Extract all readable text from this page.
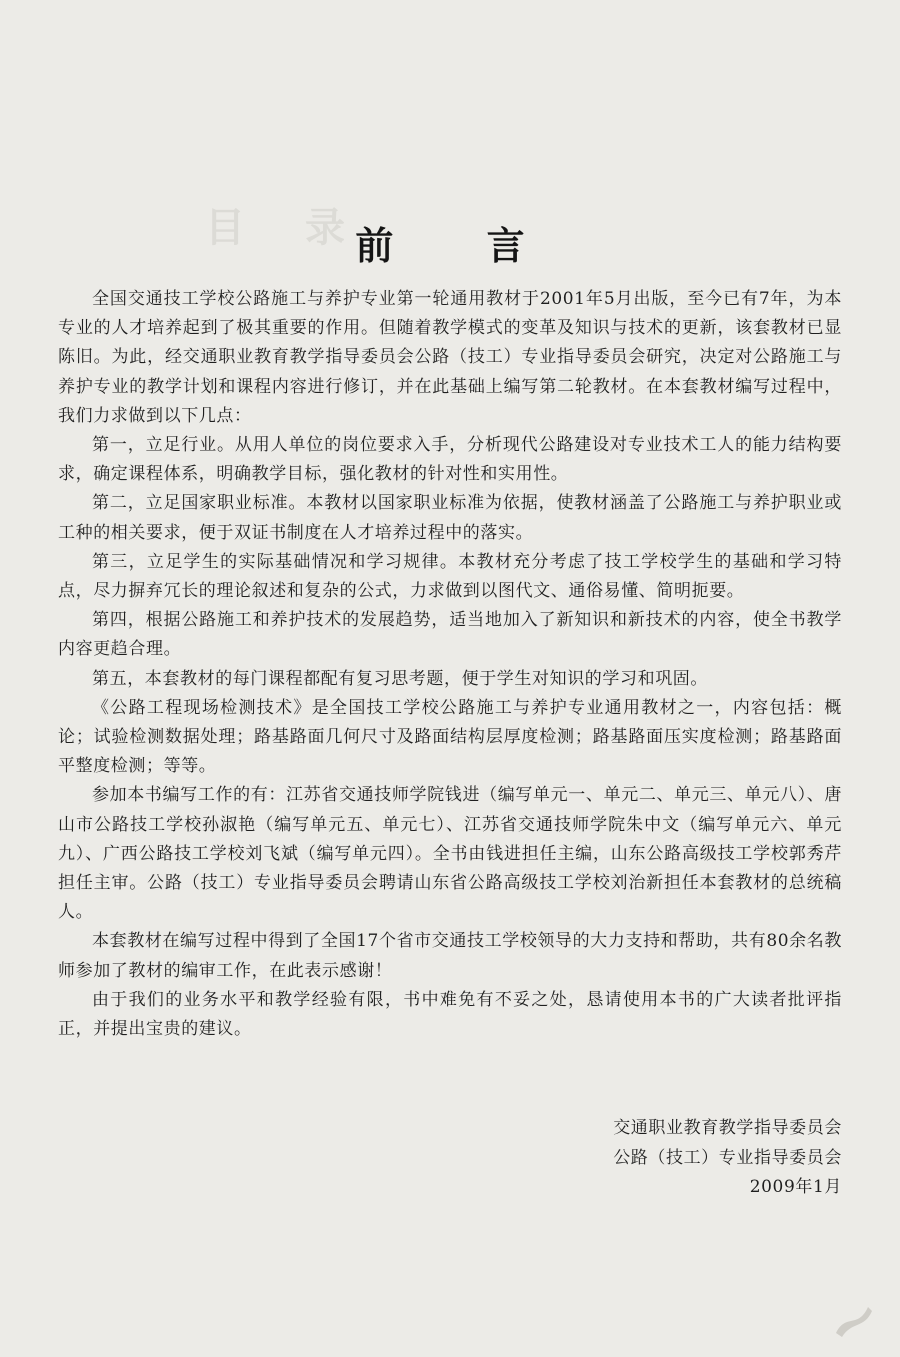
目录
前 言

全国交通技工学校公路施工与养护专业第一轮通用教材于2001年5月出版，至今已有7年，为本专业的人才培养起到了极其重要的作用。但随着教学模式的变革及知识与技术的更新，该套教材已显陈旧。为此，经交通职业教育教学指导委员会公路（技工）专业指导委员会研究，决定对公路施工与养护专业的教学计划和课程内容进行修订，并在此基础上编写第二轮教材。在本套教材编写过程中，我们力求做到以下几点：

第一，立足行业。从用人单位的岗位要求入手，分析现代公路建设对专业技术工人的能力结构要求，确定课程体系，明确教学目标，强化教材的针对性和实用性。

第二，立足国家职业标准。本教材以国家职业标准为依据，使教材涵盖了公路施工与养护职业或工种的相关要求，便于双证书制度在人才培养过程中的落实。

第三，立足学生的实际基础情况和学习规律。本教材充分考虑了技工学校学生的基础和学习特点，尽力摒弃冗长的理论叙述和复杂的公式，力求做到以图代文、通俗易懂、简明扼要。

第四，根据公路施工和养护技术的发展趋势，适当地加入了新知识和新技术的内容，使全书教学内容更趋合理。

第五，本套教材的每门课程都配有复习思考题，便于学生对知识的学习和巩固。

《公路工程现场检测技术》是全国技工学校公路施工与养护专业通用教材之一，内容包括：概论；试验检测数据处理；路基路面几何尺寸及路面结构层厚度检测；路基路面压实度检测；路基路面平整度检测；等等。

参加本书编写工作的有：江苏省交通技师学院钱进（编写单元一、单元二、单元三、单元八）、唐山市公路技工学校孙淑艳（编写单元五、单元七）、江苏省交通技师学院朱中文（编写单元六、单元九）、广西公路技工学校刘飞斌（编写单元四）。全书由钱进担任主编，山东公路高级技工学校郭秀芹担任主审。公路（技工）专业指导委员会聘请山东省公路高级技工学校刘治新担任本套教材的总统稿人。

本套教材在编写过程中得到了全国17个省市交通技工学校领导的大力支持和帮助，共有80余名教师参加了教材的编审工作，在此表示感谢！

由于我们的业务水平和教学经验有限，书中难免有不妥之处，恳请使用本书的广大读者批评指正，并提出宝贵的建议。

交通职业教育教学指导委员会
公路（技工）专业指导委员会
2009年1月
